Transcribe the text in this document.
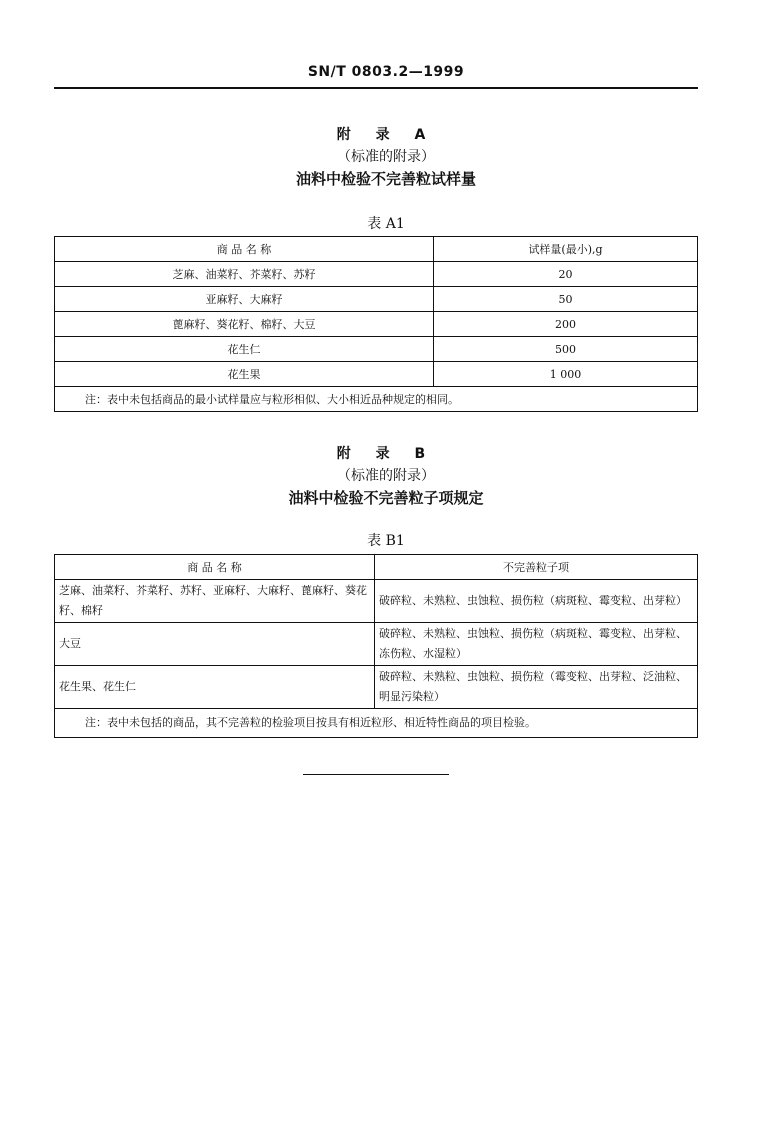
SN/T 0803.2—1999
附 录 A
（标准的附录）
油料中检验不完善粒试样量
表 A1
商 品 名 称	试样量(最小),g
芝麻、油菜籽、芥菜籽、苏籽	20
亚麻籽、大麻籽	50
蓖麻籽、葵花籽、棉籽、大豆	200
花生仁	500
花生果	1 000
注：表中未包括商品的最小试样量应与粒形相似、大小相近品种规定的相同。	
附 录 B
（标准的附录）
油料中检验不完善粒子项规定
表 B1
商 品 名 称	不完善粒子项
芝麻、油菜籽、芥菜籽、苏籽、亚麻籽、大麻籽、蓖麻籽、葵花籽、棉籽	破碎粒、未熟粒、虫蚀粒、损伤粒（病斑粒、霉变粒、出芽粒）
大豆	破碎粒、未熟粒、虫蚀粒、损伤粒（病斑粒、霉变粒、出芽粒、冻伤粒、水湿粒）
花生果、花生仁	破碎粒、未熟粒、虫蚀粒、损伤粒（霉变粒、出芽粒、泛油粒、明显污染粒）
注：表中未包括的商品，其不完善粒的检验项目按具有相近粒形、相近特性商品的项目检验。	
